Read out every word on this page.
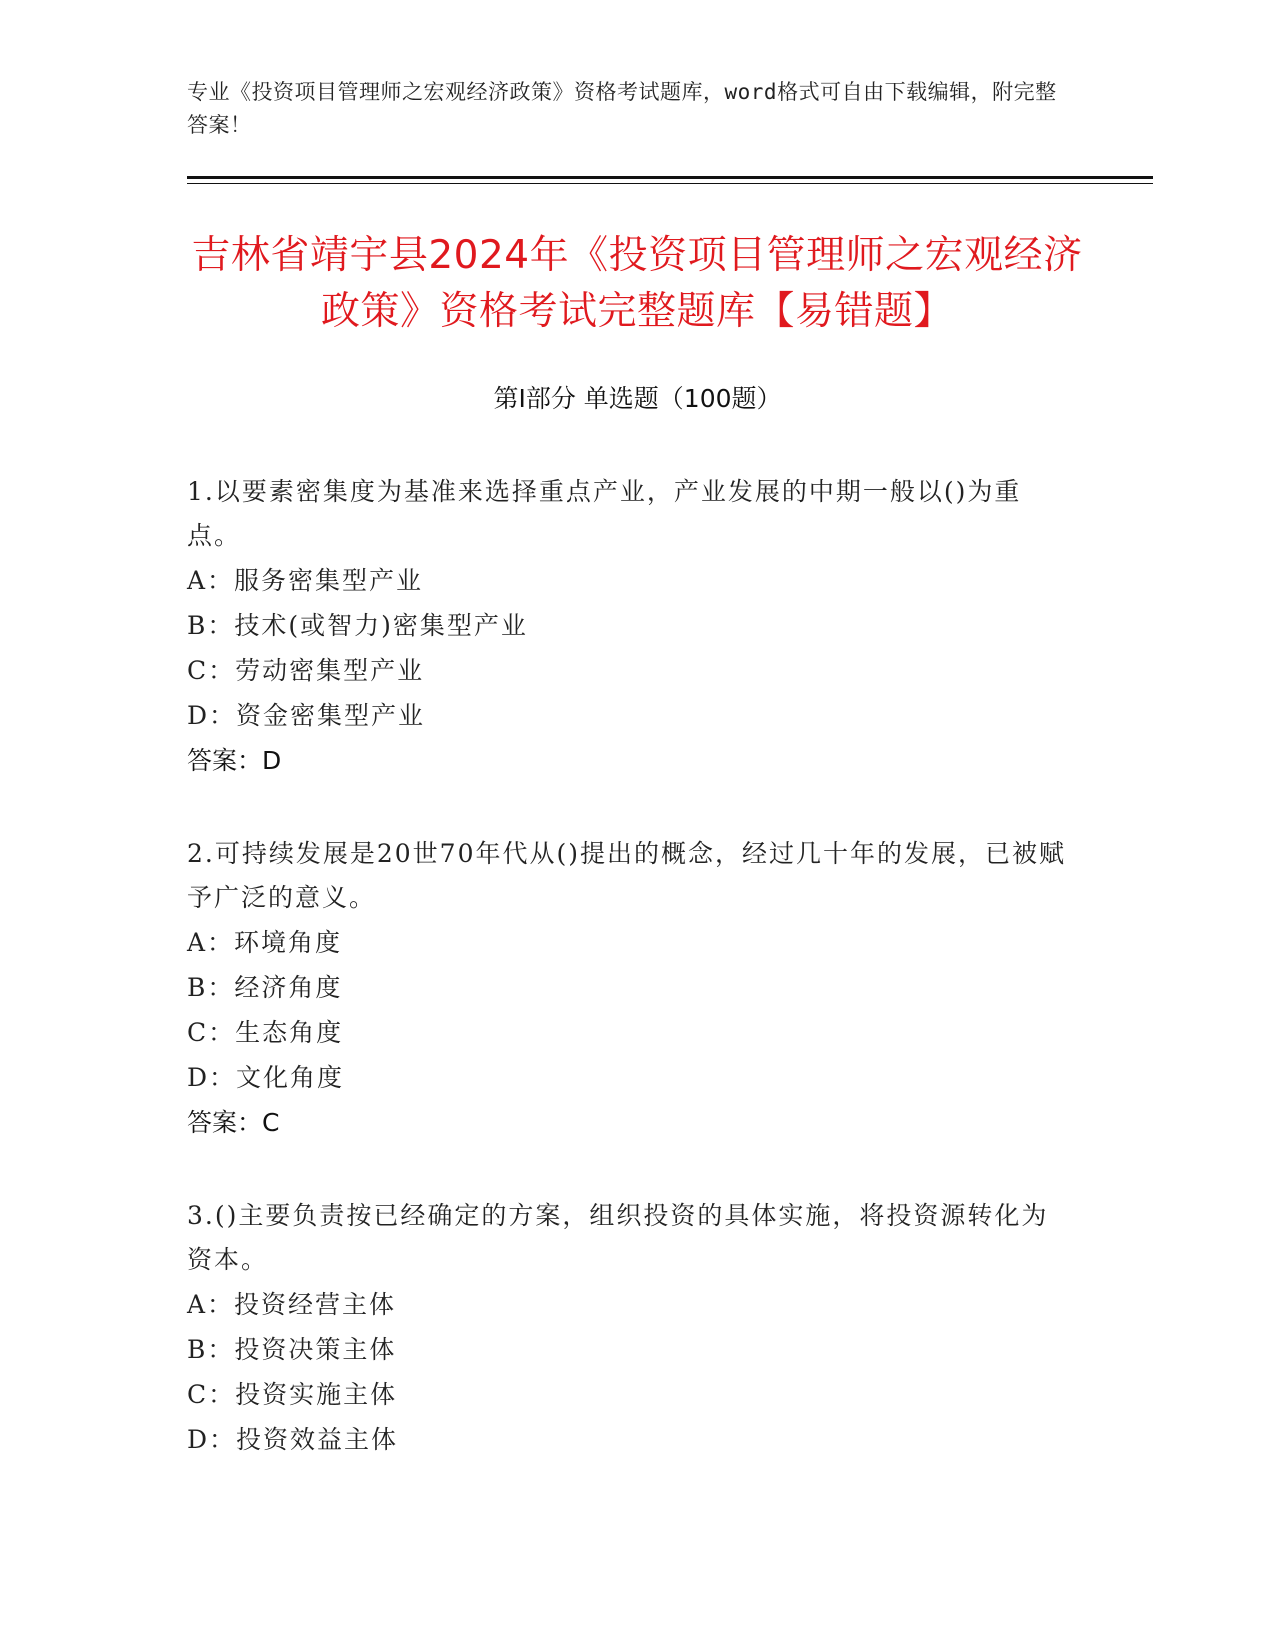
专业《投资项目管理师之宏观经济政策》资格考试题库，word格式可自由下载编辑，附完整答案！
吉林省靖宇县2024年《投资项目管理师之宏观经济政策》资格考试完整题库【易错题】
第Ⅰ部分 单选题（100题）
1.以要素密集度为基准来选择重点产业，产业发展的中期一般以()为重点。
A：服务密集型产业
B：技术(或智力)密集型产业
C：劳动密集型产业
D：资金密集型产业
答案：D
2.可持续发展是20世70年代从()提出的概念，经过几十年的发展，已被赋予广泛的意义。
A：环境角度
B：经济角度
C：生态角度
D：文化角度
答案：C
3.()主要负责按已经确定的方案，组织投资的具体实施，将投资源转化为资本。
A：投资经营主体
B：投资决策主体
C：投资实施主体
D：投资效益主体
